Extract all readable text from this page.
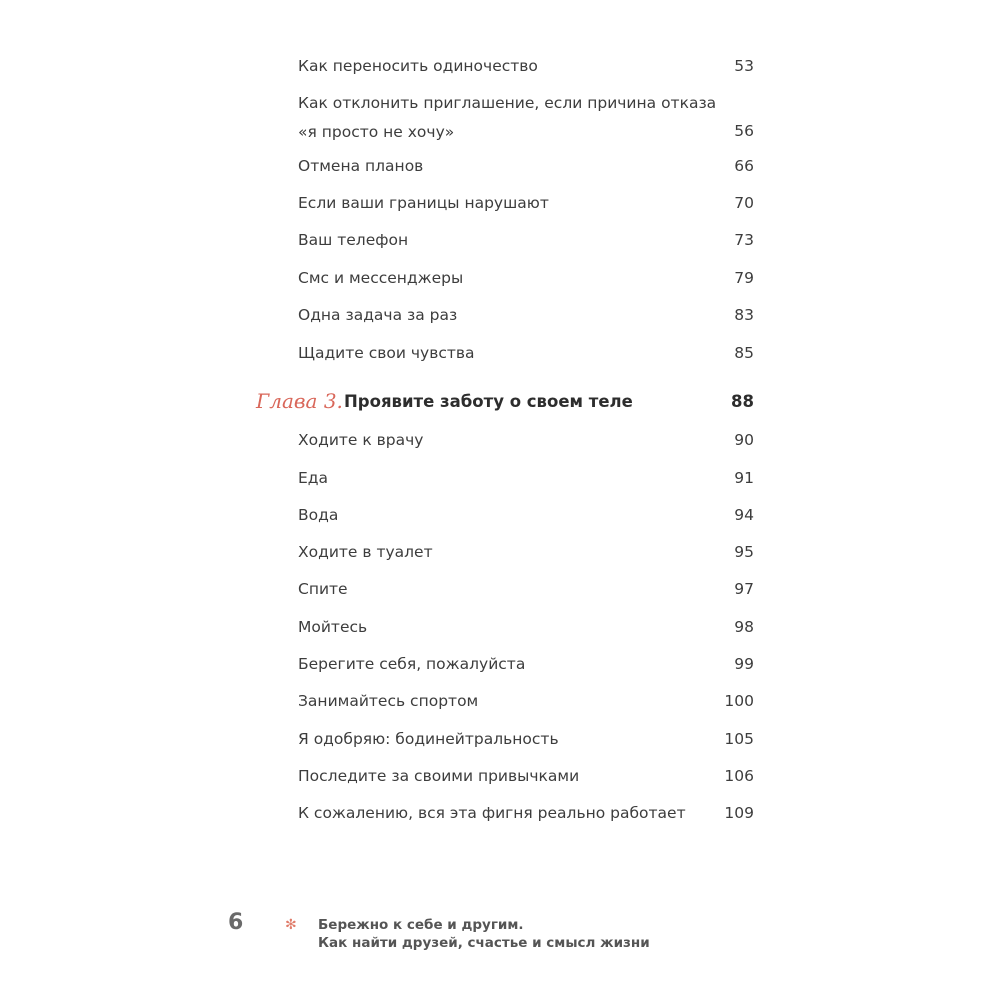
Как переносить одиночество	53
Как отклонить приглашение, если причина отказа
«я просто не хочу»	56
Отмена планов	66
Если ваши границы нарушают	70
Ваш телефон	73
Смс и мессенджеры	79
Одна задача за раз	83
Щадите свои чувства	85
Глава 3. Проявите заботу о своем теле	88
Ходите к врачу	90
Еда	91
Вода	94
Ходите в туалет	95
Спите	97
Мойтесь	98
Берегите себя, пожалуйста	99
Занимайтесь спортом	100
Я одобряю: бодинейтральность	105
Последите за своими привычками	106
К сожалению, вся эта фигня реально работает	109
6	✻ Бережно к себе и другим.
Как найти друзей, счастье и смысл жизни
